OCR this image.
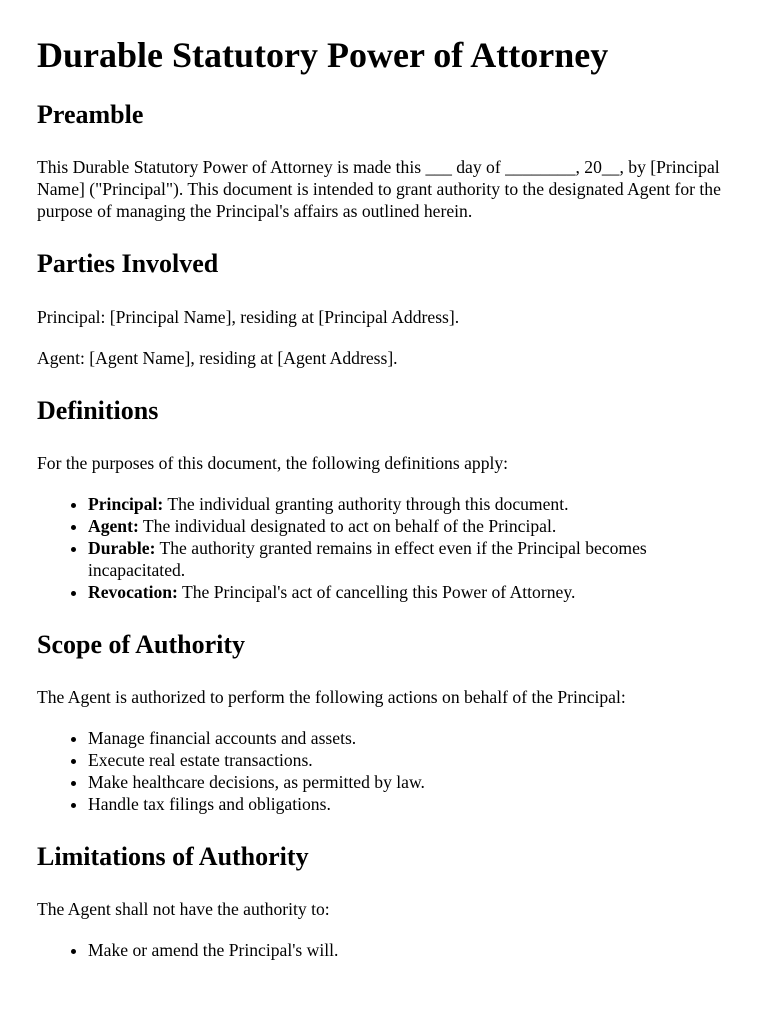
Durable Statutory Power of Attorney
Preamble

This Durable Statutory Power of Attorney is made this ___ day of ________, 20__, by [Principal Name] ("Principal"). This document is intended to grant authority to the designated Agent for the purpose of managing the Principal's affairs as outlined herein.

Parties Involved

Principal: [Principal Name], residing at [Principal Address].

Agent: [Agent Name], residing at [Agent Address].

Definitions

For the purposes of this document, the following definitions apply:

• Principal: The individual granting authority through this document.
• Agent: The individual designated to act on behalf of the Principal.
• Durable: The authority granted remains in effect even if the Principal becomes incapacitated.
• Revocation: The Principal's act of cancelling this Power of Attorney.
Scope of Authority

The Agent is authorized to perform the following actions on behalf of the Principal:

• Manage financial accounts and assets.
• Execute real estate transactions.
• Make healthcare decisions, as permitted by law.
• Handle tax filings and obligations.
Limitations of Authority

The Agent shall not have the authority to:

• Make or amend the Principal's will.
